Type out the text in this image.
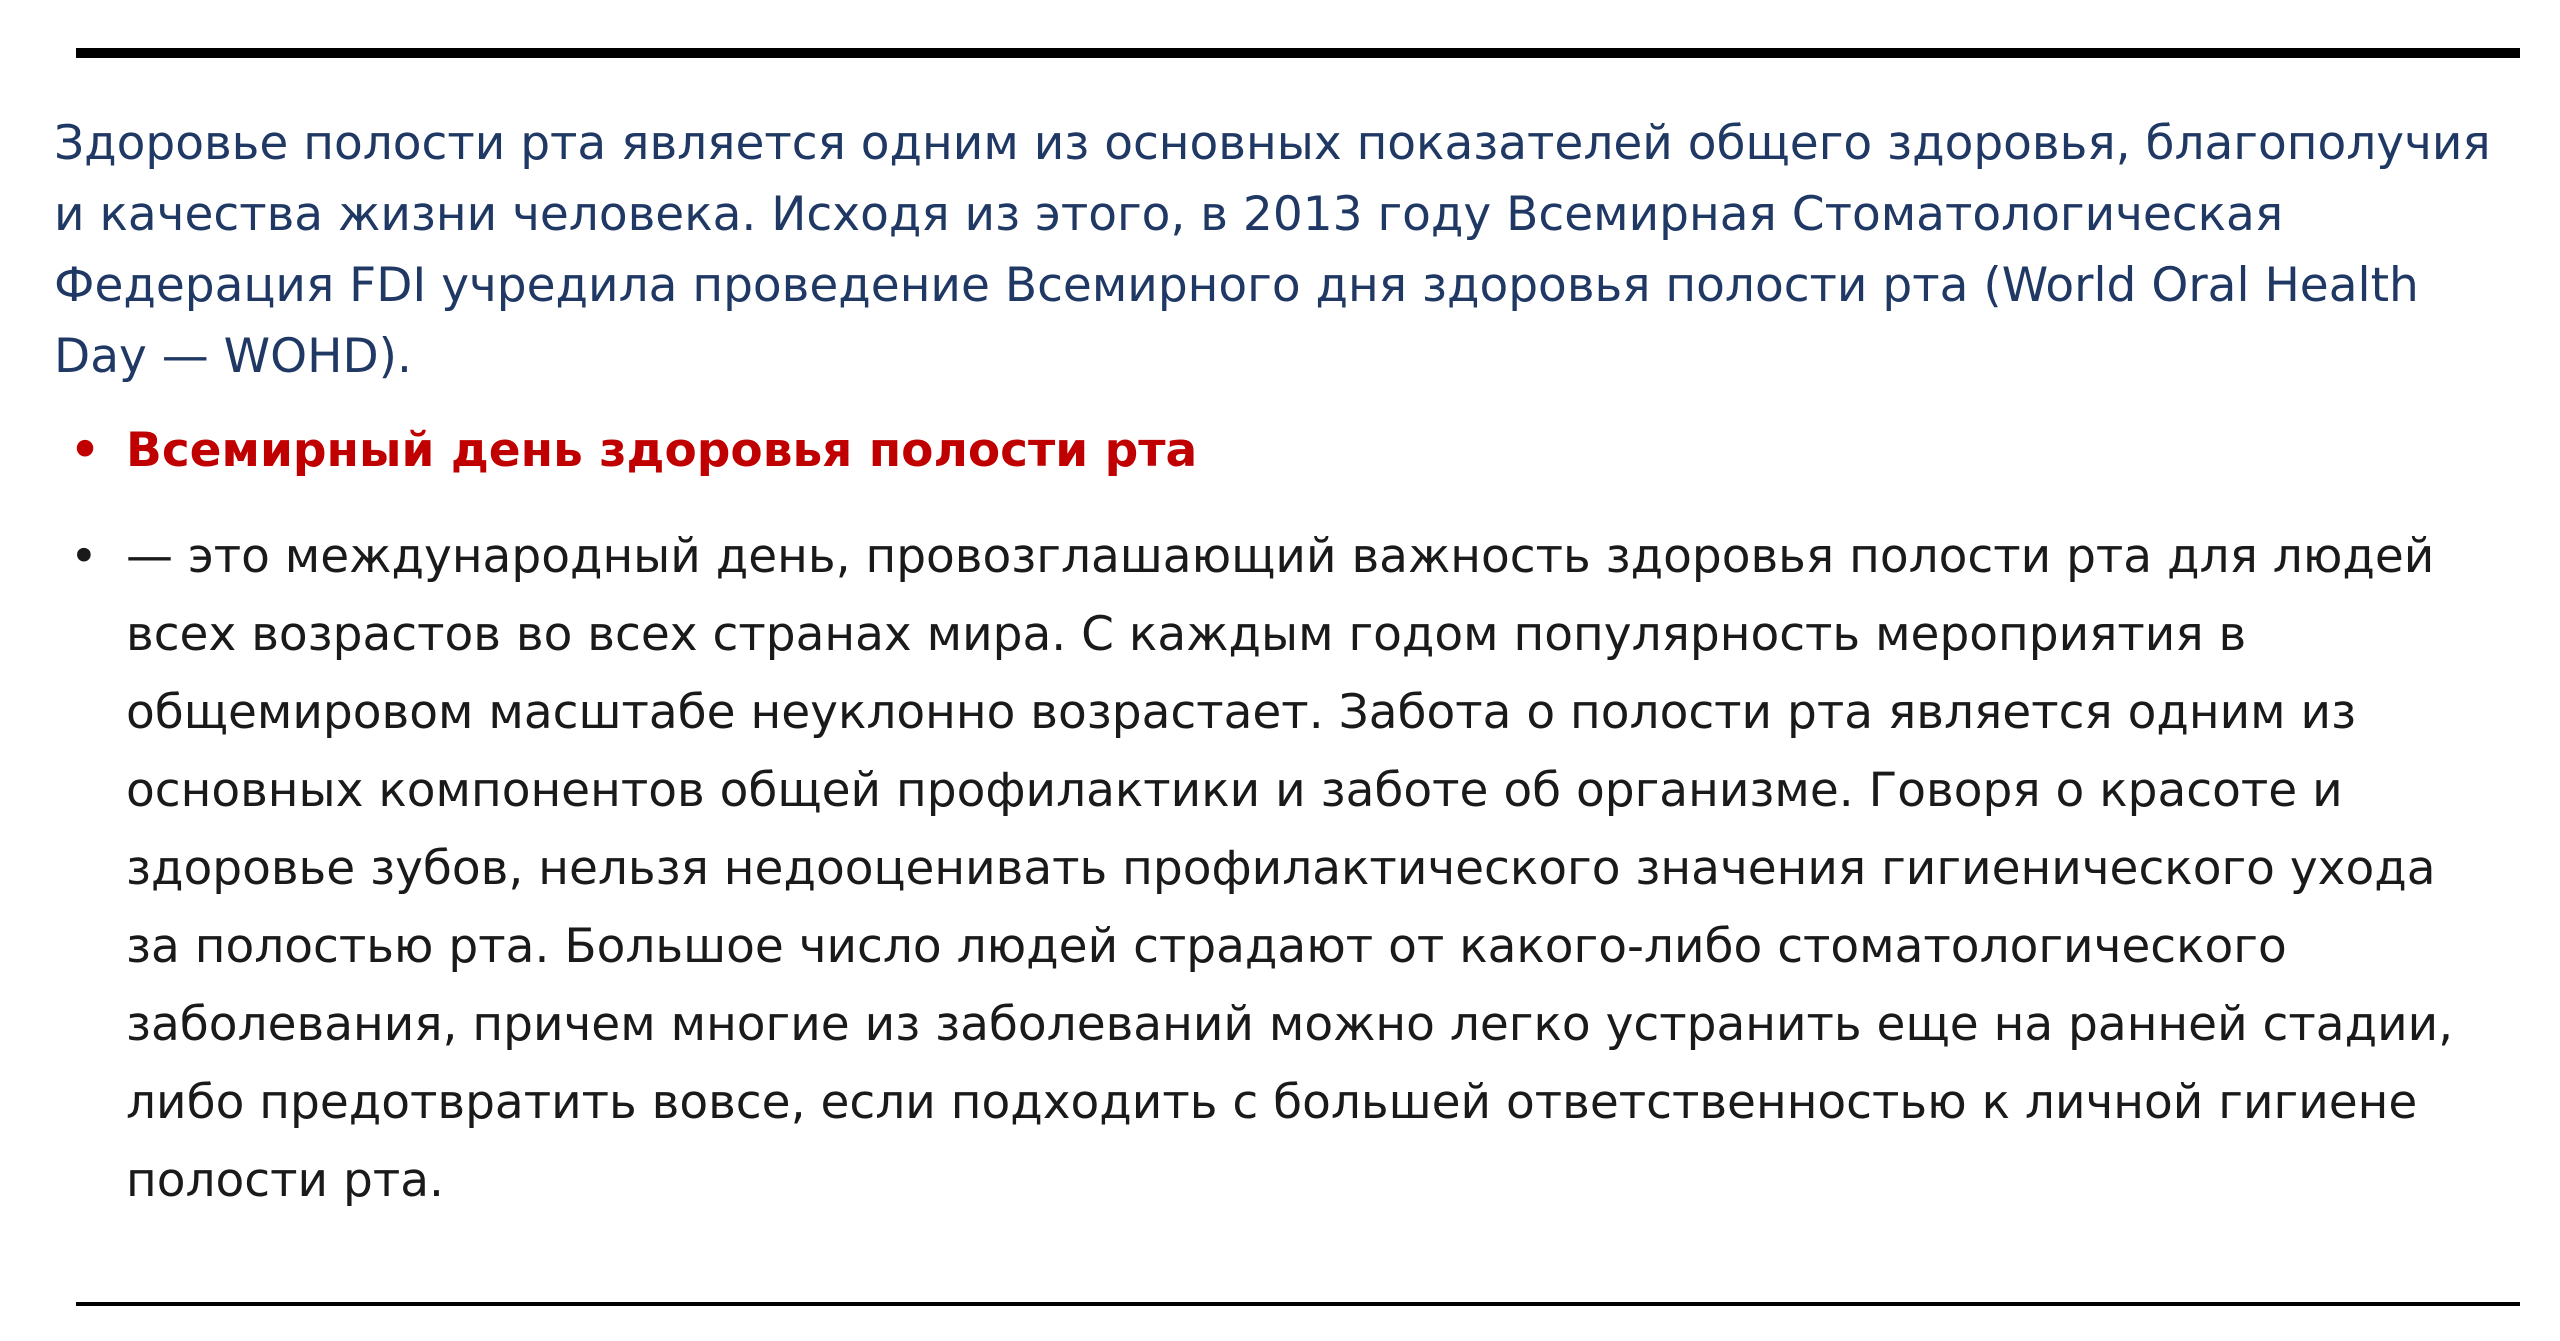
Здоровье полости рта является одним из основных показателей общего здоровья, благополучия и качества жизни человека. Исходя из этого, в 2013 году Всемирная Стоматологическая Федерация FDI учредила проведение Всемирного дня здоровья полости рта (World Oral Health Day — WOHD).

• Всемирный день здоровья полости рта
• — это международный день, провозглашающий важность здоровья полости рта для людей всех возрастов во всех странах мира. С каждым годом популярность мероприятия в общемировом масштабе неуклонно возрастает. Забота о полости рта является одним из основных компонентов общей профилактики и заботе об организме. Говоря о красоте и здоровье зубов, нельзя недооценивать профилактического значения гигиенического ухода за полостью рта. Большое число людей страдают от какого-либо стоматологического заболевания, причем многие из заболеваний можно легко устранить еще на ранней стадии, либо предотвратить вовсе, если подходить с большей ответственностью к личной гигиене полости рта.
